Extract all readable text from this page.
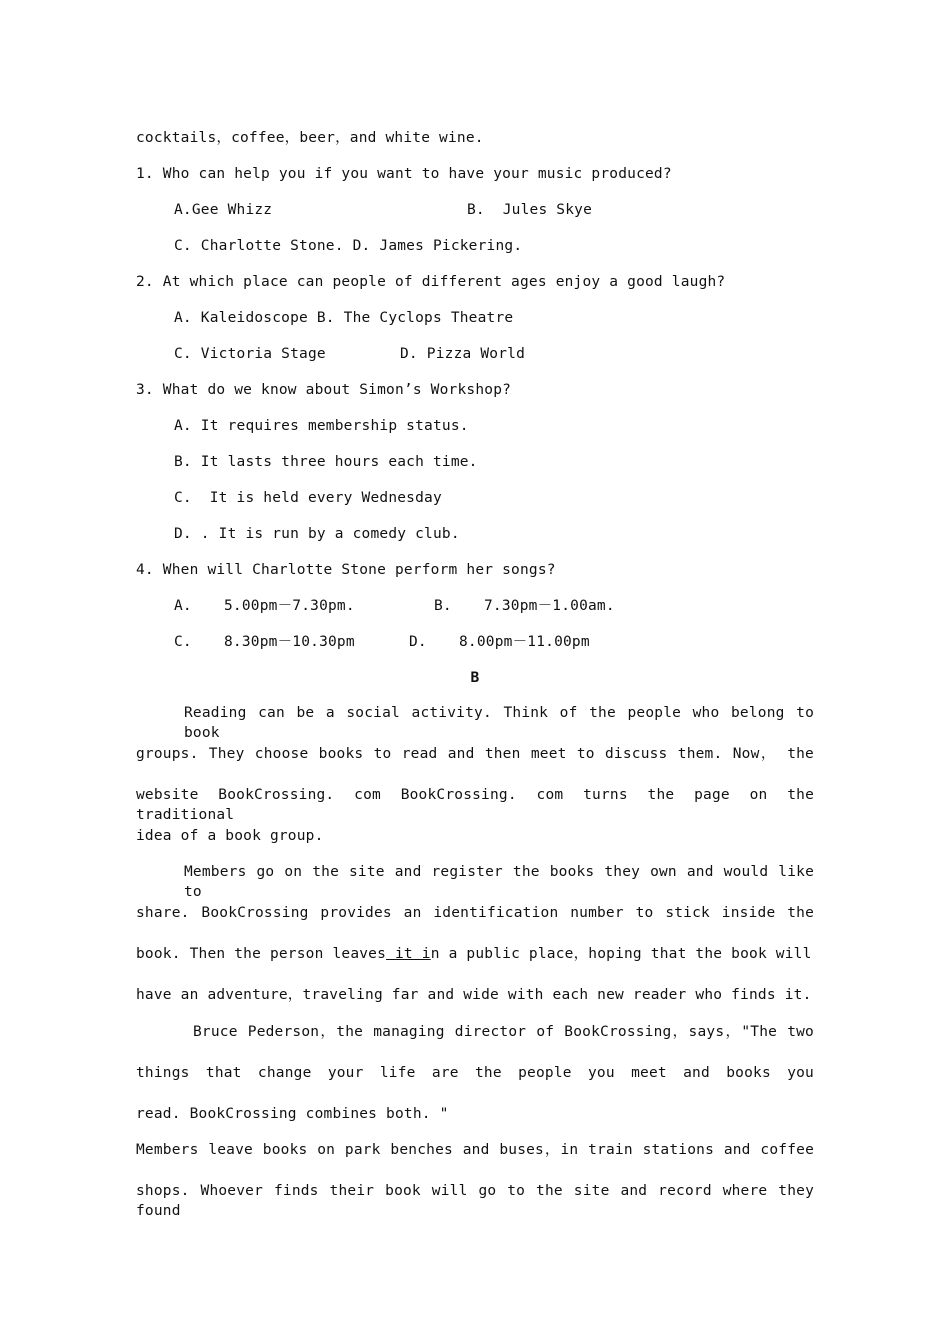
cocktails，coffee，beer，and white wine.
1. Who can help you if you want to have your music produced?
A.Gee Whizz	B.  Jules Skye
C. Charlotte Stone. D. James Pickering.
2. At which place can people of different ages enjoy a good laugh?
A. Kaleidoscope B. The Cyclops Theatre
C. Victoria Stage	D. Pizza World
3. What do we know about Simon’s Workshop?
A. It requires membership status.
B. It lasts three hours each time.
C.  It is held every Wednesday
D. . It is run by a comedy club.
4. When will Charlotte Stone perform her songs?
A. 5.00pm－7.30pm.	B. 7.30pm－1.00am.
C. 8.30pm－10.30pm	D. 8.00pm－11.00pm
B
Reading can be a social activity. Think of the people who belong to book
groups. They choose books to read and then meet to discuss them. Now， the
website BookCrossing. com BookCrossing. com turns the page on the traditional
idea of a book group.
Members go on the site and register the books they own and would like to
share. BookCrossing provides an identification number to stick inside the
book. Then the person leaves it in a public place，hoping that the book will
have an adventure，traveling far and wide with each new reader who finds it.
Bruce Pederson，the managing director of BookCrossing，says，"The two
things that change your life are the people you meet and books you
read. BookCrossing combines both. "
Members leave books on park benches and buses，in train stations and coffee
shops. Whoever finds their book will go to the site and record where they found
